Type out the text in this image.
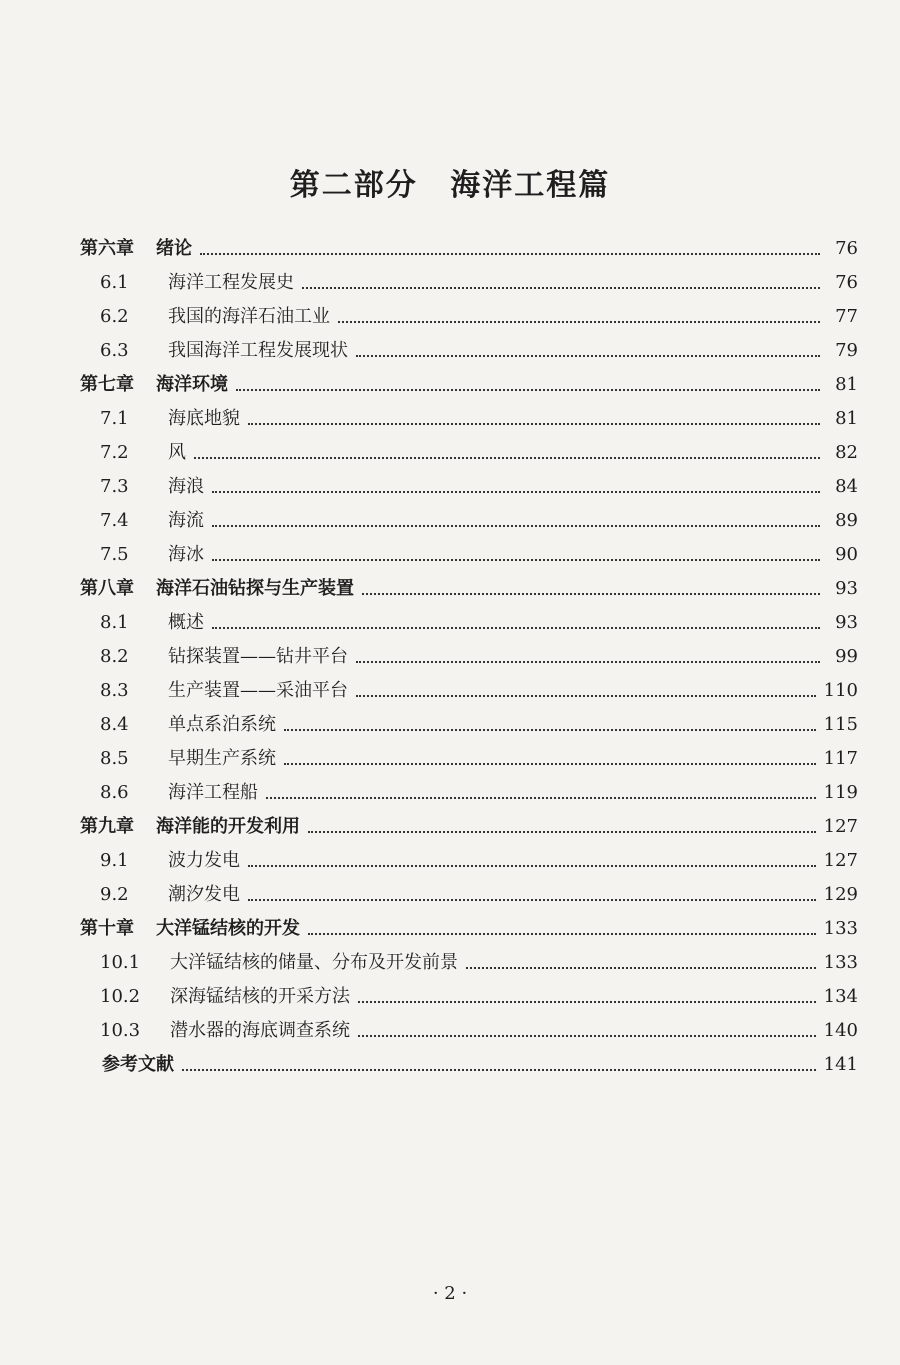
第二部分 海洋工程篇
第六章 绪论	76
6.1	海洋工程发展史	76
6.2	我国的海洋石油工业	77
6.3	我国海洋工程发展现状	79
第七章 海洋环境	81
7.1	海底地貌	81
7.2	风	82
7.3	海浪	84
7.4	海流	89
7.5	海冰	90
第八章 海洋石油钻探与生产装置	93
8.1	概述	93
8.2	钻探装置——钻井平台	99
8.3	生产装置——采油平台	110
8.4	单点系泊系统	115
8.5	早期生产系统	117
8.6	海洋工程船	119
第九章 海洋能的开发利用	127
9.1	波力发电	127
9.2	潮汐发电	129
第十章 大洋锰结核的开发	133
10.1	大洋锰结核的储量、分布及开发前景	133
10.2	深海锰结核的开采方法	134
10.3	潜水器的海底调查系统	140
参考文献	141
· 2 ·
